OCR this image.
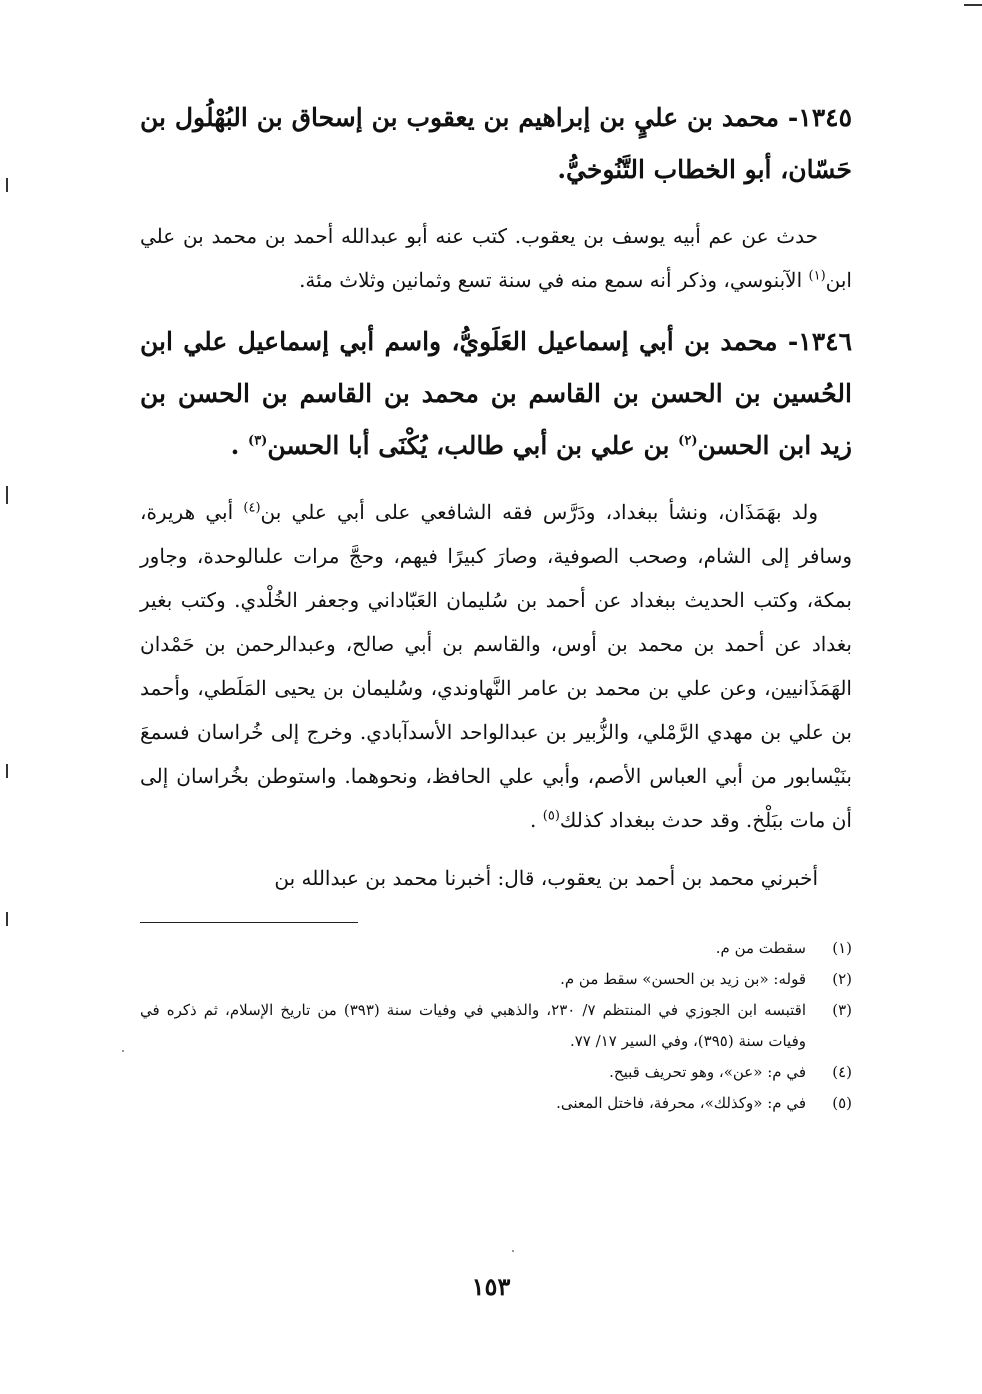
١٣٤٥- محمد بن عليٍ بن إبراهيم بن يعقوب بن إسحاق بن البُهْلُول بن حَسّان، أبو الخطاب التَّنُوخيُّ.

حدث عن عم أبيه يوسف بن يعقوب. كتب عنه أبو عبدالله أحمد بن محمد بن علي ابن$^{(١)}$ الآبنوسي، وذكر أنه سمع منه في سنة تسع وثمانين وثلاث مئة.

١٣٤٦- محمد بن أبي إسماعيل العَلَويُّ، واسم أبي إسماعيل علي ابن الحُسين بن الحسن بن القاسم بن محمد بن القاسم بن الحسن بن زيد ابن الحسن$^{(٢)}$ بن علي بن أبي طالب، يُكْنَى أبا الحسن$^{(٣)}$ .

ولد بهَمَذَان، ونشأ ببغداد، ودَرَّس فقه الشافعي على أبي علي بن$^{(٤)}$ أبي هريرة، وسافر إلى الشام، وصحب الصوفية، وصارَ كبيرًا فيهم، وحجَّ مرات علىالوحدة، وجاور بمكة، وكتب الحديث ببغداد عن أحمد بن سُليمان العَبّاداني وجعفر الخُلْدي. وكتب بغير بغداد عن أحمد بن محمد بن أوس، والقاسم بن أبي صالح، وعبدالرحمن بن حَمْدان الهَمَذَانيين، وعن علي بن محمد بن عامر النَّهاوندي، وسُليمان بن يحيى المَلَطي، وأحمد بن علي بن مهدي الرَّمْلي، والزُّبير بن عبدالواحد الأسدآبادي. وخرج إلى خُراسان فسمعَ بنَيْسابور من أبي العباس الأصم، وأبي علي الحافظ، ونحوهما. واستوطن بخُراسان إلى أن مات ببَلْخ. وقد حدث ببغداد كذلك$^{(٥)}$ .

أخبرني محمد بن أحمد بن يعقوب، قال: أخبرنا محمد بن عبدالله بن

(١)
سقطت من م.
(٢)
قوله: «بن زيد بن الحسن» سقط من م.
(٣)
اقتبسه ابن الجوزي في المنتظم ٧/ ٢٣٠، والذهبي في وفيات سنة (٣٩٣) من تاريخ الإسلام، ثم ذكره في وفيات سنة (٣٩٥)، وفي السير ١٧/ ٧٧.
(٤)
في م: «عن»، وهو تحريف قبيح.
(٥)
في م: «وكذلك»، محرفة، فاختل المعنى.
١٥٣
